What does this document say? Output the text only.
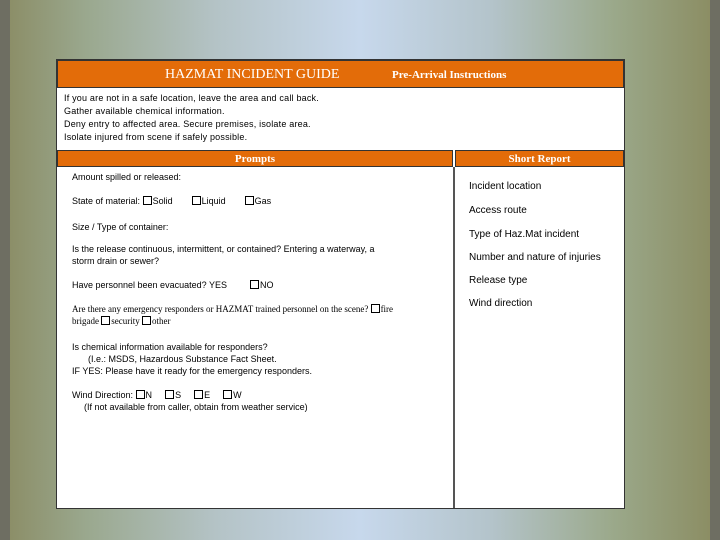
HAZMAT INCIDENT GUIDE	Pre-Arrival Instructions
If you are not in a safe location, leave the area and call back.
Gather available chemical information.
Deny entry to affected area. Secure premises, isolate area.
Isolate injured from scene if safely possible.
Prompts	Short Report
Amount spilled or released:
State of material: Solid	Liquid	Gas
Size / Type of container:
Is the release continuous, intermittent, or contained? Entering a waterway, a
storm drain or sewer?
Have personnel been evacuated? YES	NO
Are there any emergency responders or HAZMAT trained personnel on the scene? fire
brigade security other
Is chemical information available for responders?
(I.e.: MSDS, Hazardous Substance Fact Sheet.
IF YES: Please have it ready for the emergency responders.
Wind Direction: N	S	E	W
(If not available from caller, obtain from weather service)
Incident location
Access route
Type of Haz.Mat incident
Number and nature of injuries
Release type
Wind direction
